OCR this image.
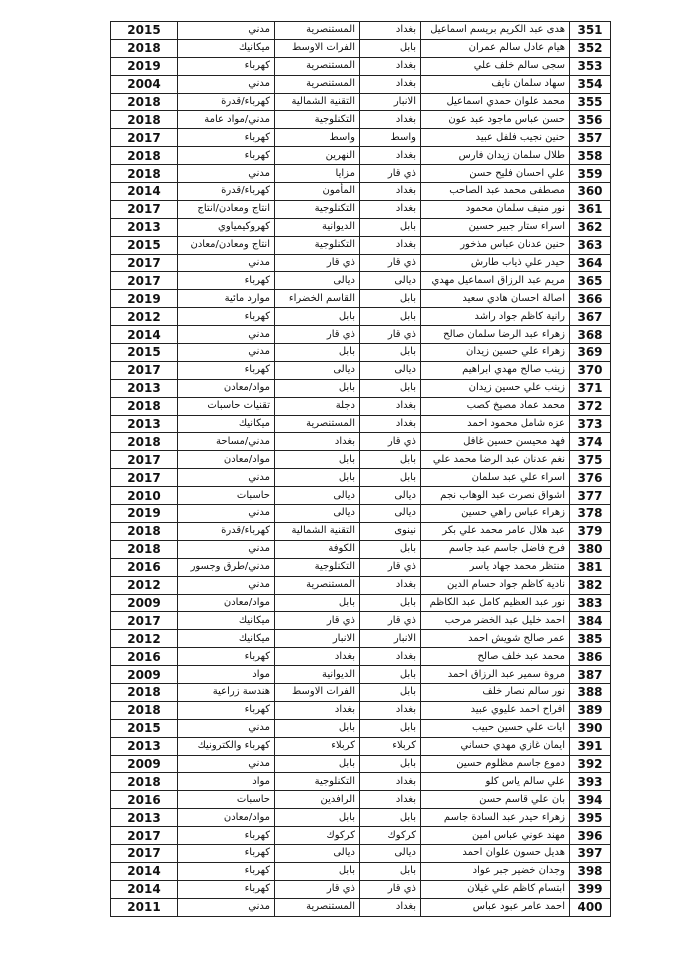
2015	مدني	المستنصرية	بغداد	هدى عبد الكريم بريسم اسماعيل	351
2018	ميكانيك	الفرات الاوسط	بابل	هيام عادل سالم عمران	352
2019	كهرباء	المستنصرية	بغداد	سجى سالم خلف علي	353
2004	مدني	المستنصرية	بغداد	سهاد سلمان نايف	354
2018	كهرباء/قدرة	التقنية الشمالية	الانبار	محمد علوان حمدي اسماعيل	355
2018	مدني/مواد عامة	التكنلوجية	بغداد	حسن عباس ماجود عبد عون	356
2017	كهرباء	واسط	واسط	حنين نجيب فلفل عبيد	357
2018	كهرباء	النهرين	بغداد	طلال سلمان زيدان فارس	358
2018	مدني	مزايا	ذي قار	علي احسان فليح حسن	359
2014	كهرباء/قدرة	المأمون	بغداد	مصطفى محمد عبد الصاحب	360
2017	انتاج ومعادن/انتاج	التكنلوجية	بغداد	نور منيف سلمان محمود	361
2013	كهروكيمياوي	الديوانية	بابل	اسراء ستار جبير حسين	362
2015	انتاج ومعادن/معادن	التكنلوجية	بغداد	حنين عدنان عباس مذخور	363
2017	مدني	ذي قار	ذي قار	حيدر علي ذياب طارش	364
2017	كهرباء	ديالى	ديالى	مريم عبد الرزاق اسماعيل مهدي	365
2019	موارد مائية	القاسم الخضراء	بابل	اصالة احسان هادي سعيد	366
2012	كهرباء	بابل	بابل	رانية كاظم جواد راشد	367
2014	مدني	ذي قار	ذي قار	زهراء عبد الرضا سلمان صالح	368
2015	مدني	بابل	بابل	زهراء علي حسين زيدان	369
2017	كهرباء	ديالى	ديالى	زينب صالح مهدي ابراهيم	370
2013	مواد/معادن	بابل	بابل	زينب علي حسين زيدان	371
2018	تقنيات حاسبات	دجلة	بغداد	محمد عماد مصيخ كصب	372
2013	ميكانيك	المستنصرية	بغداد	عزه شامل محمود احمد	373
2018	مدني/مساحة	بغداد	ذي قار	فهد محيسن حسين غافل	374
2017	مواد/معادن	بابل	بابل	نغم عدنان عبد الرضا محمد علي	375
2017	مدني	بابل	بابل	اسراء علي عبد سلمان	376
2010	حاسبات	ديالى	ديالى	اشواق نصرت عبد الوهاب نجم	377
2019	مدني	ديالى	ديالى	زهراء عباس راهي حسين	378
2018	كهرباء/قدرة	التقنية الشمالية	نينوى	عبد هلال عامر محمد علي بكر	379
2018	مدني	الكوفة	بابل	فرح فاضل جاسم عبد جاسم	380
2016	مدني/طرق وجسور	التكنلوجية	ذي قار	منتظر محمد جهاد ياسر	381
2012	مدني	المستنصرية	بغداد	نادية كاظم جواد حسام الدين	382
2009	مواد/معادن	بابل	بابل	نور عبد العظيم كامل عبد الكاظم	383
2017	ميكانيك	ذي قار	ذي قار	احمد خليل عبد الخضر مرحب	384
2012	ميكانيك	الانبار	الانبار	عمر صالح شويش احمد	385
2016	كهرباء	بغداد	بغداد	محمد عبد خلف صالح	386
2009	مواد	الديوانية	بابل	مروة سمير عبد الرزاق احمد	387
2018	هندسة زراعية	الفرات الاوسط	بابل	نور سالم نصار خلف	388
2018	كهرباء	بغداد	بغداد	افراح احمد عليوي عبيد	389
2015	مدني	بابل	بابل	ايات علي حسين حبيب	390
2013	كهرباء والكترونيك	كربلاء	كربلاء	ايمان غازي مهدي حساني	391
2009	مدني	بابل	بابل	دموع جاسم مظلوم حسين	392
2018	مواد	التكنلوجية	بغداد	علي سالم ياس كلو	393
2016	حاسبات	الرافدين	بغداد	بان علي قاسم حسن	394
2013	مواد/معادن	بابل	بابل	زهراء حيدر عبد السادة جاسم	395
2017	كهرباء	كركوك	كركوك	مهند عوني عباس امين	396
2017	كهرباء	ديالى	ديالى	هديل حسون علوان احمد	397
2014	كهرباء	بابل	بابل	وجدان خضير جبر عواد	398
2014	كهرباء	ذي قار	ذي قار	ابتسام كاظم علي غيلان	399
2011	مدني	المستنصرية	بغداد	احمد عامر عبود عباس	400
